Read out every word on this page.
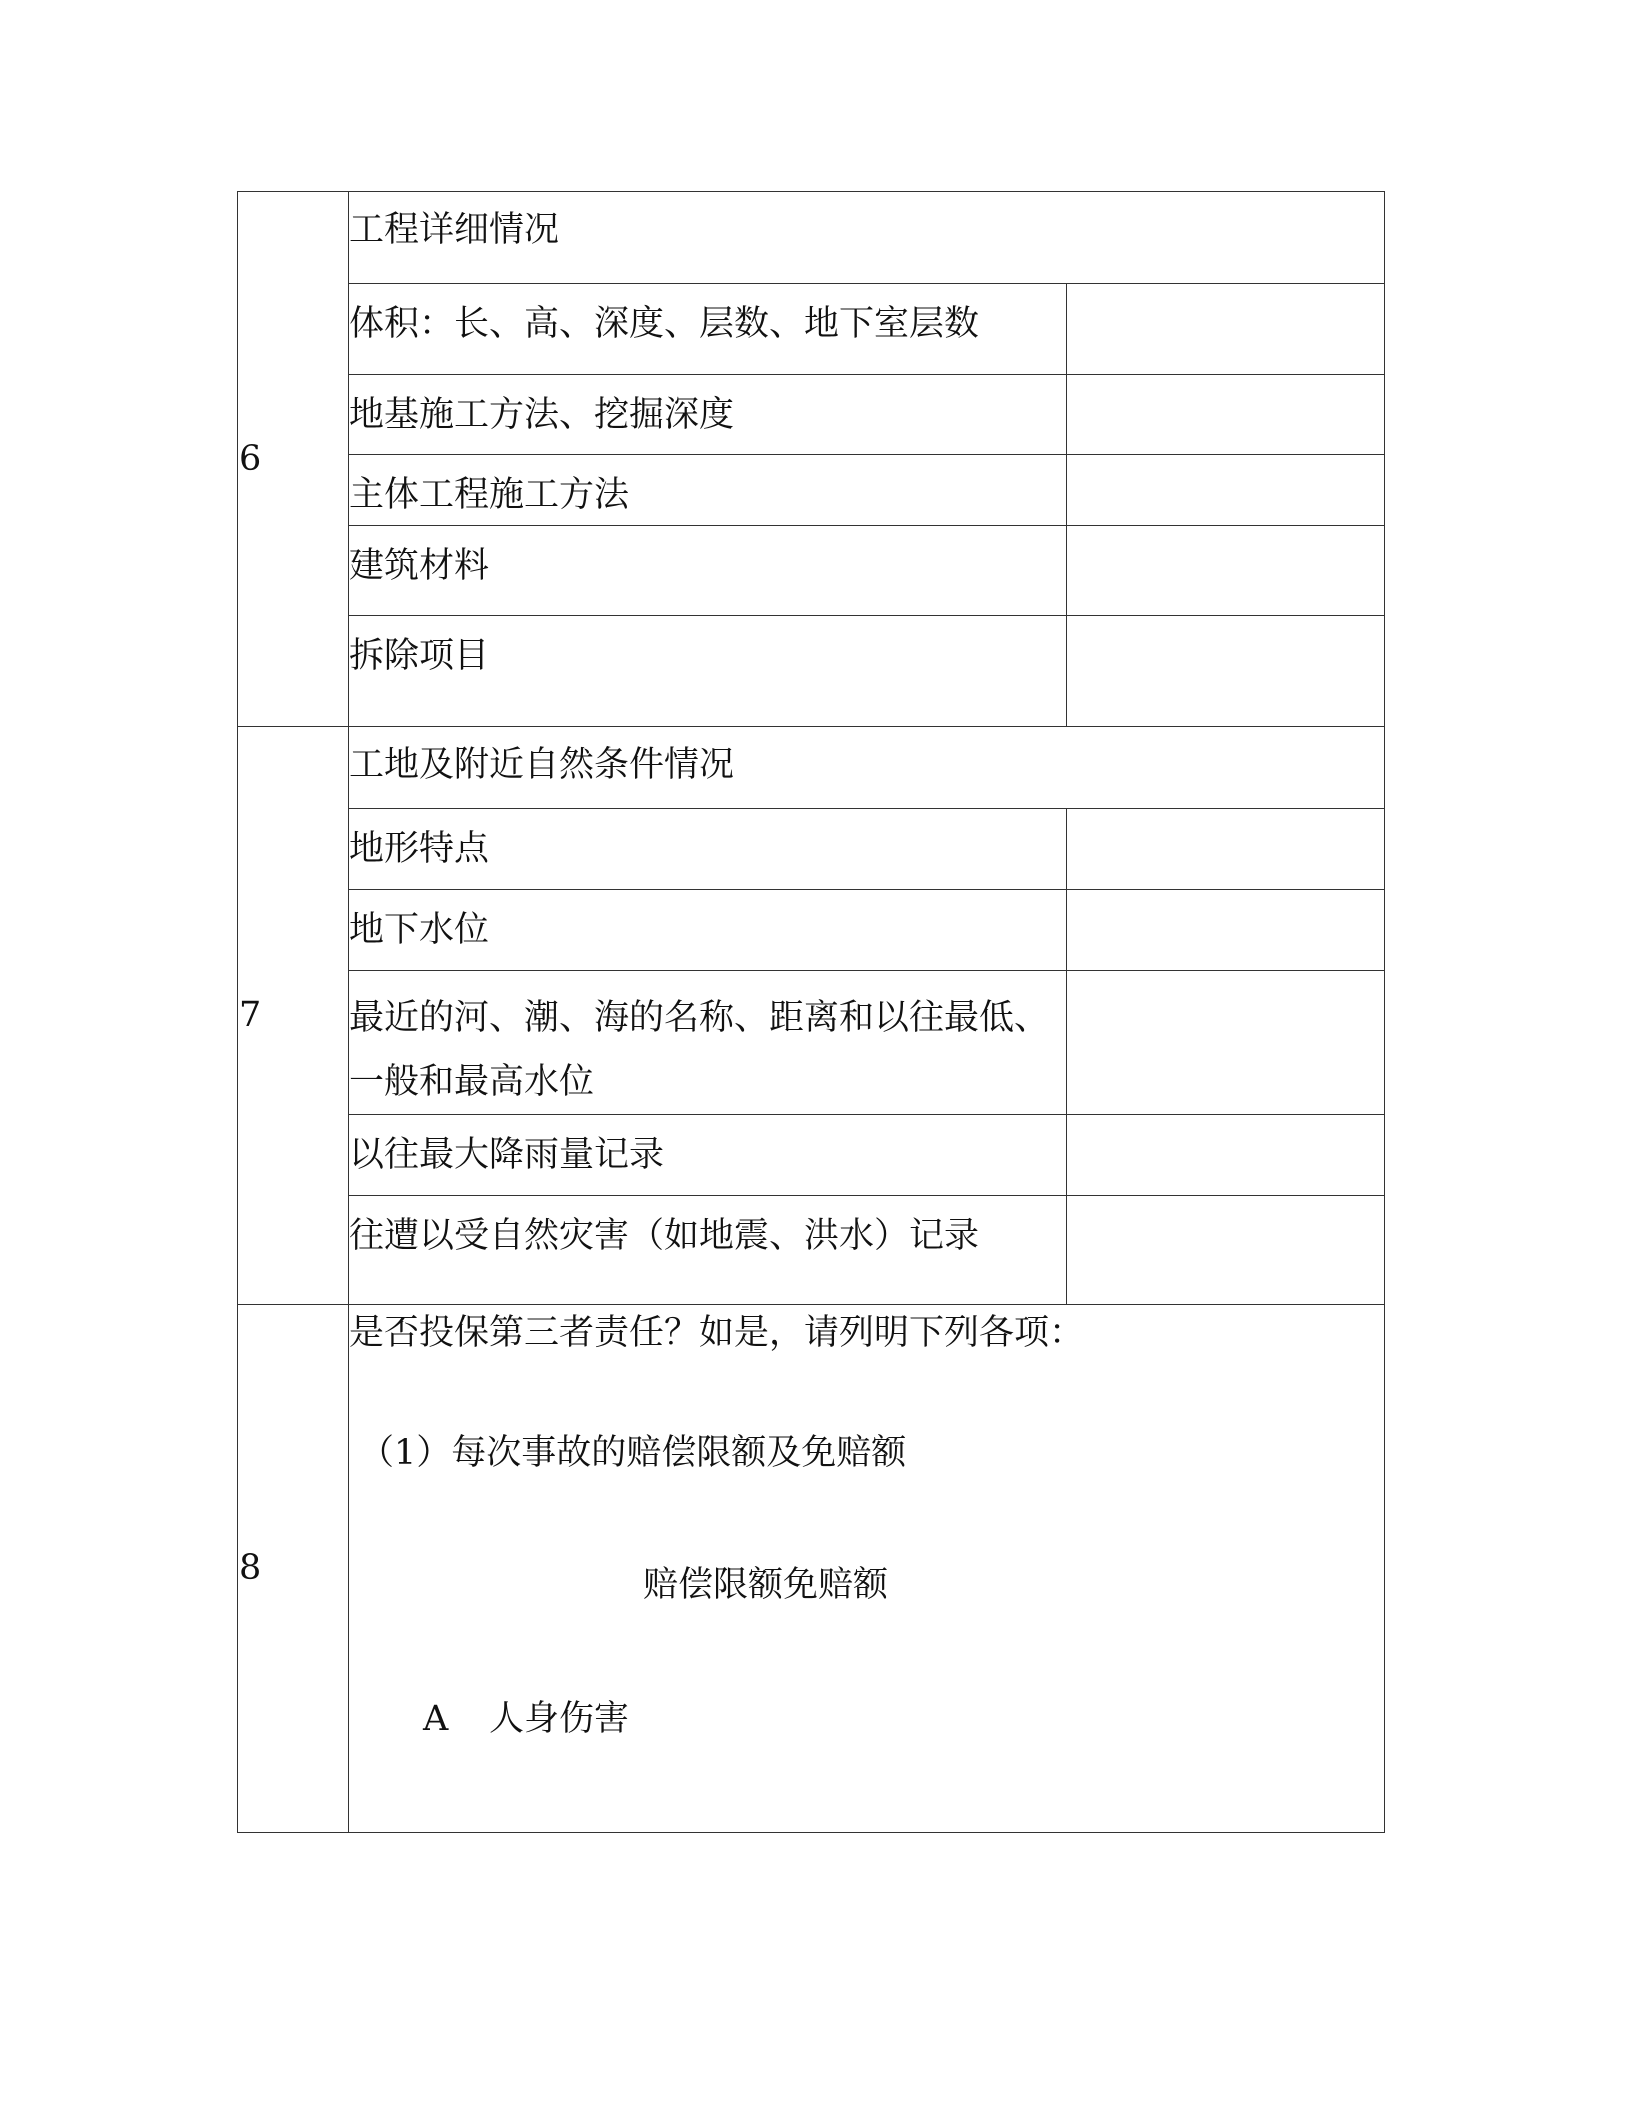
6	工程详细情况	
	体积：长、高、深度、层数、地下室层数	
	地基施工方法、挖掘深度	
	主体工程施工方法	
	建筑材料	
	拆除项目	

7	工地及附近自然条件情况	
	地形特点	
	地下水位	
	最近的河、潮、海的名称、距离和以往最低、一般和最高水位	
	以往最大降雨量记录	
	往遭以受自然灾害（如地震、洪水）记录	

8	是否投保第三者责任？如是，请列明下列各项：
（1）每次事故的赔偿限额及免赔额
赔偿限额免赔额
A 人身伤害	
